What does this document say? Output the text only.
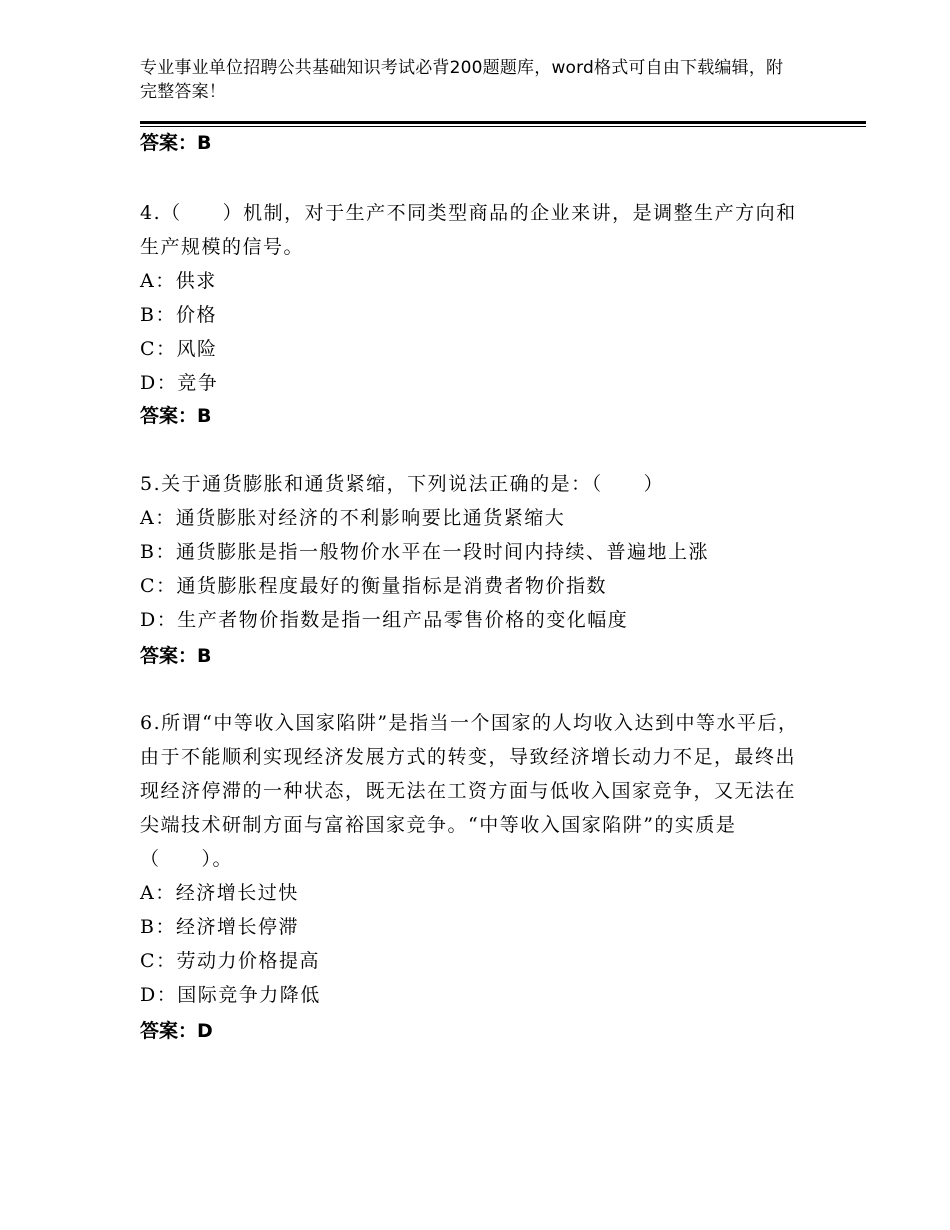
专业事业单位招聘公共基础知识考试必背200题题库，word格式可自由下载编辑，附完整答案！
答案：B

4.（　　）机制，对于生产不同类型商品的企业来讲，是调整生产方向和生产规模的信号。

A：供求

B：价格

C：风险

D：竞争

答案：B

5.关于通货膨胀和通货紧缩，下列说法正确的是：（　　）

A：通货膨胀对经济的不利影响要比通货紧缩大

B：通货膨胀是指一般物价水平在一段时间内持续、普遍地上涨

C：通货膨胀程度最好的衡量指标是消费者物价指数

D：生产者物价指数是指一组产品零售价格的变化幅度

答案：B

6.所谓“中等收入国家陷阱”是指当一个国家的人均收入达到中等水平后，由于不能顺利实现经济发展方式的转变，导致经济增长动力不足，最终出现经济停滞的一种状态，既无法在工资方面与低收入国家竞争，又无法在尖端技术研制方面与富裕国家竞争。“中等收入国家陷阱”的实质是（　　）。

A：经济增长过快

B：经济增长停滞

C：劳动力价格提高

D：国际竞争力降低

答案：D
